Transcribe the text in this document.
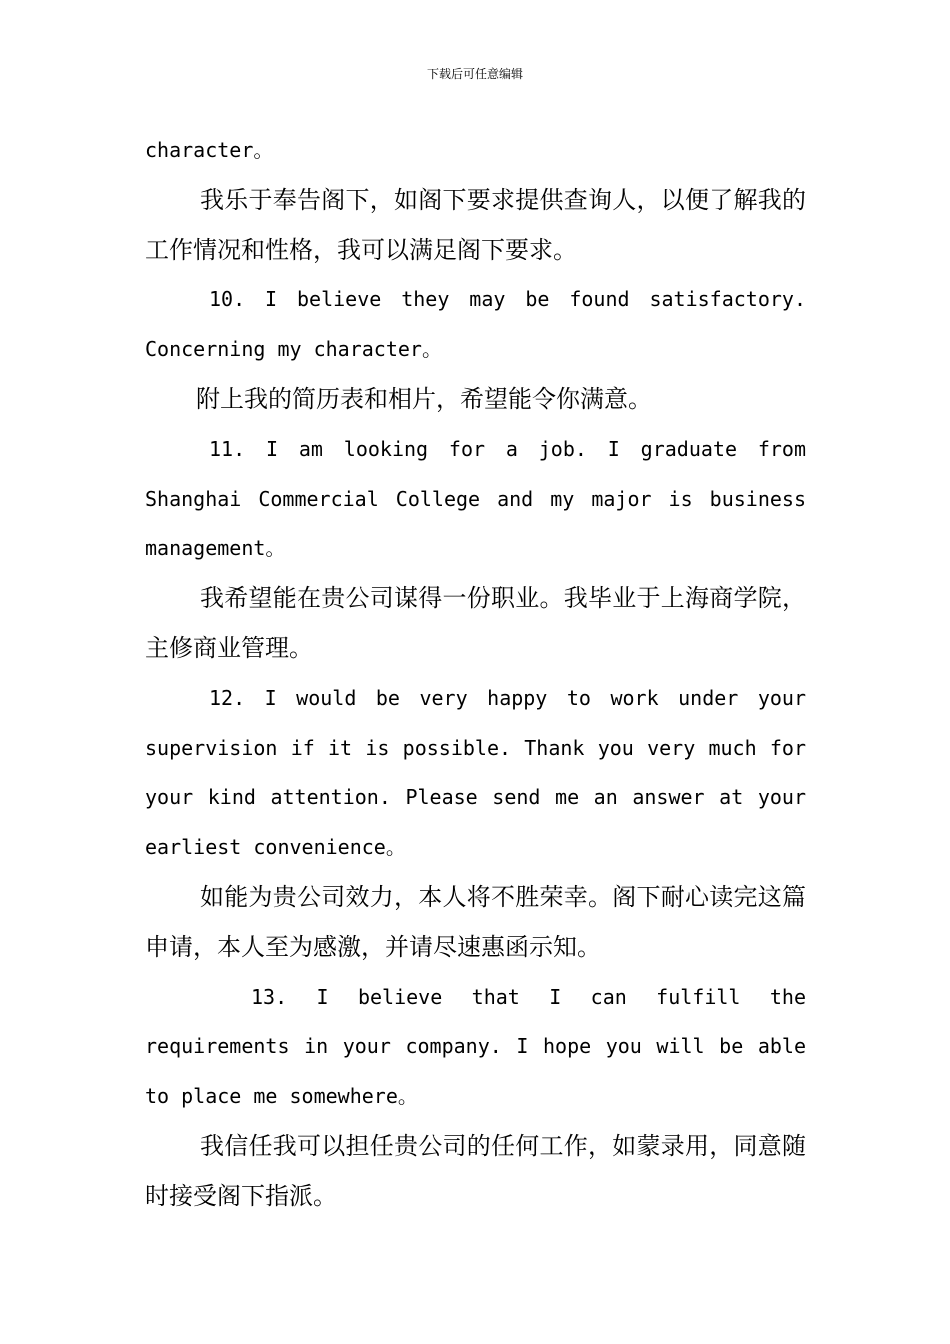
下载后可任意编辑

character。

我乐于奉告阁下，如阁下要求提供查询人，以便了解我的工作情况和性格，我可以满足阁下要求。

10. I believe they may be found satisfactory. Concerning my character。

附上我的简历表和相片，希望能令你满意。

11. I am looking for a job. I graduate from Shanghai Commercial College and my major is business management。

我希望能在贵公司谋得一份职业。我毕业于上海商学院，主修商业管理。

12. I would be very happy to work under your supervision if it is possible. Thank you very much for your kind attention. Please send me an answer at your earliest convenience。

如能为贵公司效力，本人将不胜荣幸。阁下耐心读完这篇申请，本人至为感激，并请尽速惠函示知。

13. I believe that I can fulfill the requirements in your company. I hope you will be able to place me somewhere。

我信任我可以担任贵公司的任何工作，如蒙录用，同意随时接受阁下指派。
